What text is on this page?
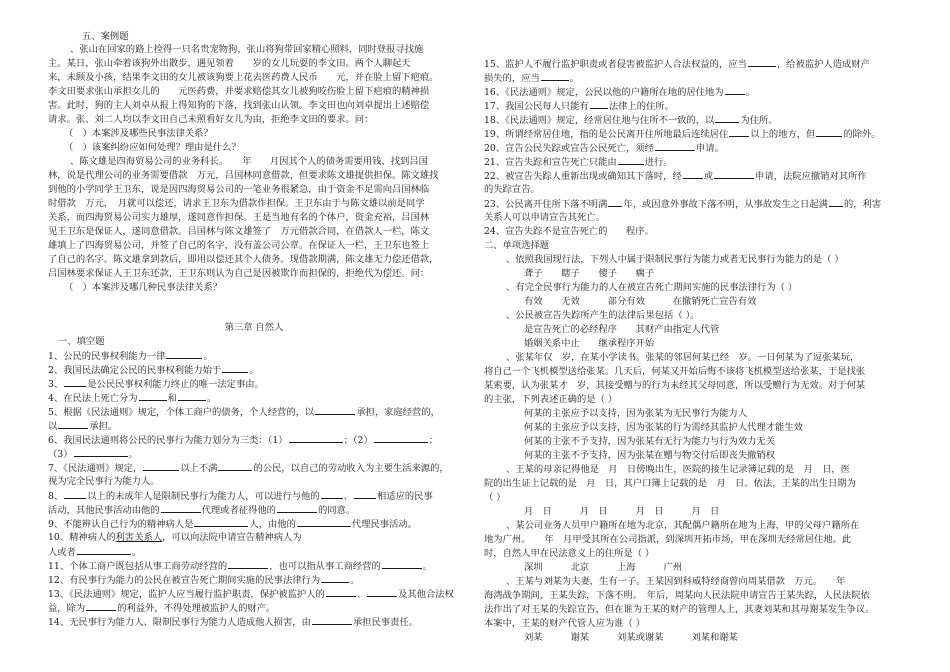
五、案例题
、张山在回家的路上捡得一只名贵宠物狗，张山将狗带回家精心照料，同时登报寻找施
主。某日，张山牵着该狗外出散步，遇见领着　　岁的女儿玩耍的李文田。两个人聊起天
来，未顾及小孩，结果李文田的女儿被该狗要上花去医药费人民币　　元，并在脸上留下疤痕。
李文田要求张山承担女儿的　　元医药费，并要求赔偿其女儿被狗咬伤脸上留下疤痕的精神损
害。此时，狗的主人刘卓从报上得知狗的下落，找到张山认领。李文田也向刘卓提出上述赔偿
请求。张、刘二人均以李文田自己未照看好女儿为由，拒绝李文田的要求。问：
（　）本案涉及哪些民事法律关系？
（　）该案纠纷应如何处理？理由是什么？
、陈文雄是四海贸易公司的业务科长。　　年　　月因其个人的债务需要用钱，找到吕国
林，说是代理公司的业务需要借款　万元，吕国林同意借款，但要求陈文雄提供担保。陈文雄找
到他的小学同学王卫东，说是因四海贸易公司的一笔业务很紧急，由于资金不足需向吕国林临
时借款　万元，　月就可以偿还，请求王卫东为借款作担保。王卫东由于与陈文雄以前是同学
关系，而四海贸易公司实力雄厚，遂同意作担保。王是当地有名的个体户，资金充裕，吕国林
见王卫东是保证人，遂同意借款。吕国林与陈文雄签了　万元借款合同，在借款人一栏，陈文
雄填上了四海贸易公司，并签了自己的名字，没有盖公司公章。在保证人一栏，王卫东也签上
了自己的名字。陈文雄拿到款后，即用以偿还其个人债务。现借款期满，陈文雄无力偿还借款，
吕国林要求保证人王卫东还款，王卫东则认为自己是因被欺诈而担保的，拒绝代为偿还。问：
（　）本案涉及哪几种民事法律关系？
第三章 自然人
一、填空题
1、公民的民事权利能力一律	。
2、我国民法确定公民的民事权利能力始于	。
3、	是公民民事权利能力终止的唯一法定事由。
4、在民法上死亡分为	和	。
5、根据《民法通则》规定，个体工商户的债务，个人经营的，以	承担，家庭经营的，
以	承担。
6、我国民法通则将公民的民事行为能力划分为三类：（1）	；（2）	；
（3）	。
7、《民法通则》规定，	以上不满	的公民，以自己的劳动收入为主要生活来源的，
视为完全民事行为能力人。
8、	以上的未成年人是限制民事行为能力人，可以进行与他的	、	相适应的民事
活动，其他民事活动由他的	代理或者征得他的	的同意。
9、不能辨认自己行为的精神病人是	人，由他的	代理民事活动。
10、精神病人的利害关系人，可以向法院申请宣告精神病人为
人或者	。
11、个体工商户既包括从事工商劳动经营的	，也可以指从事工商经营的	。
12、有民事行为能力的公民在被宣告死亡期间实施的民事法律行为	。
13、《民法通则》规定，监护人应当履行监护职责，保护被监护人的	、	及其他合法权
益，除为	的利益外，不得处理被监护人的财产。
14、无民事行为能力人、限制民事行为能力人造成他人损害，由	承担民事责任。
15、监护人不履行监护职责或者侵害被监护人合法权益的，应当	，给被监护人造成财产
损失的，应当	。
16、《民法通则》规定，公民以他的户籍所在地的居住地为 。
17、我国公民每人只能有 法律上的住所。
18、《民法通则》规定，经常居住地与住所不一致的，以	为住所。
19、所谓经常居住地，指的是公民离开住所地最后连续居住 以上的地方，但	的除外。
20、宣告公民失踪或宣告公民死亡，须经	申请。
21、宣告失踪和宣告死亡只能由	进行。
22、被宣告失踪人重新出现或确知其下落时，经 或	申请，法院应撤销对其所作
的失踪宣告。
23、公民离开住所下落不明满 年，或因意外事故下落不明，从事故发生之日起满 的，利害
关系人可以申请宣告其死亡。
24、宣告失踪不是宣告死亡的　　程序。
二、单项选择题
、依照我国现行法，下列人中属于限制民事行为能力或者无民事行为能力的是（ ）
聋子　　瞎子　　傻子　　瘸子
、有完全民事行为能力的人在被宣告死亡期间实施的民事法律行为（ ）
有效　　无效　　　部分有效　　　在撤销死亡宣告有效
、公民被宣告失踪所产生的法律后果包括（ ）。
是宣告死亡的必经程序　　其财产由指定人代管
婚姻关系中止　　继承程序开始
、张某年仅　岁，在某小学读书。张某的邻居何某已经　岁。一日何某为了逗张某玩，
将自己一个飞机模型送给张某。几天后，何某又开始后悔不该将飞机模型送给张某，于是找张
某索要，认为张某才　岁，其接受赠与的行为未经其父母同意，所以受赠行为无效。对于何某
的主张，下列表述正确的是（ ）
何某的主张应予以支持，因为张某为无民事行为能力人
何某的主张应予以支持，因为张某的行为需经其监护人代理才能生效
何某的主张不予支持，因为张某有无行为能力与行为效力无关
何某的主张不予支持，因为张某在赠与物交付后即丧失撤销权
、王某的母亲记得他是　月　日傍晚出生，医院的接生记录簿记载的是　月　日，医
院的出生证上记载的是　月　日，其户口簿上记载的是　月　日。依法，王某的出生日期为
（ ）
月　日　　　月　日　　　月　日　　　月　日
、某公司业务人员甲户籍所在地为北京，其配偶户籍所在地为上海，甲的父母户籍所在
地为广州。　　年　月甲受其所在公司指派，到深圳开拓市场，甲在深圳无经常居住地。此
时，自然人甲在民法意义上的住所是（ ）
深圳　　　北京　　　上海　　　广州
、王某与刘某为夫妻，生有一子。王某因到科威特经商曾向周某借款　万元。　　年
海湾战争期间，王某失踪，下落不明。　年后，周某向人民法院申请宣告王某失踪，人民法院依
法作出了对王某的失踪宣告，但在谁为王某的财产的管理人上，其妻刘某和其母谢某发生争议。
本案中，王某的财产代管人应为谁（ ）
刘某　　　谢某　　　刘某或谢某　　　刘某和谢某
